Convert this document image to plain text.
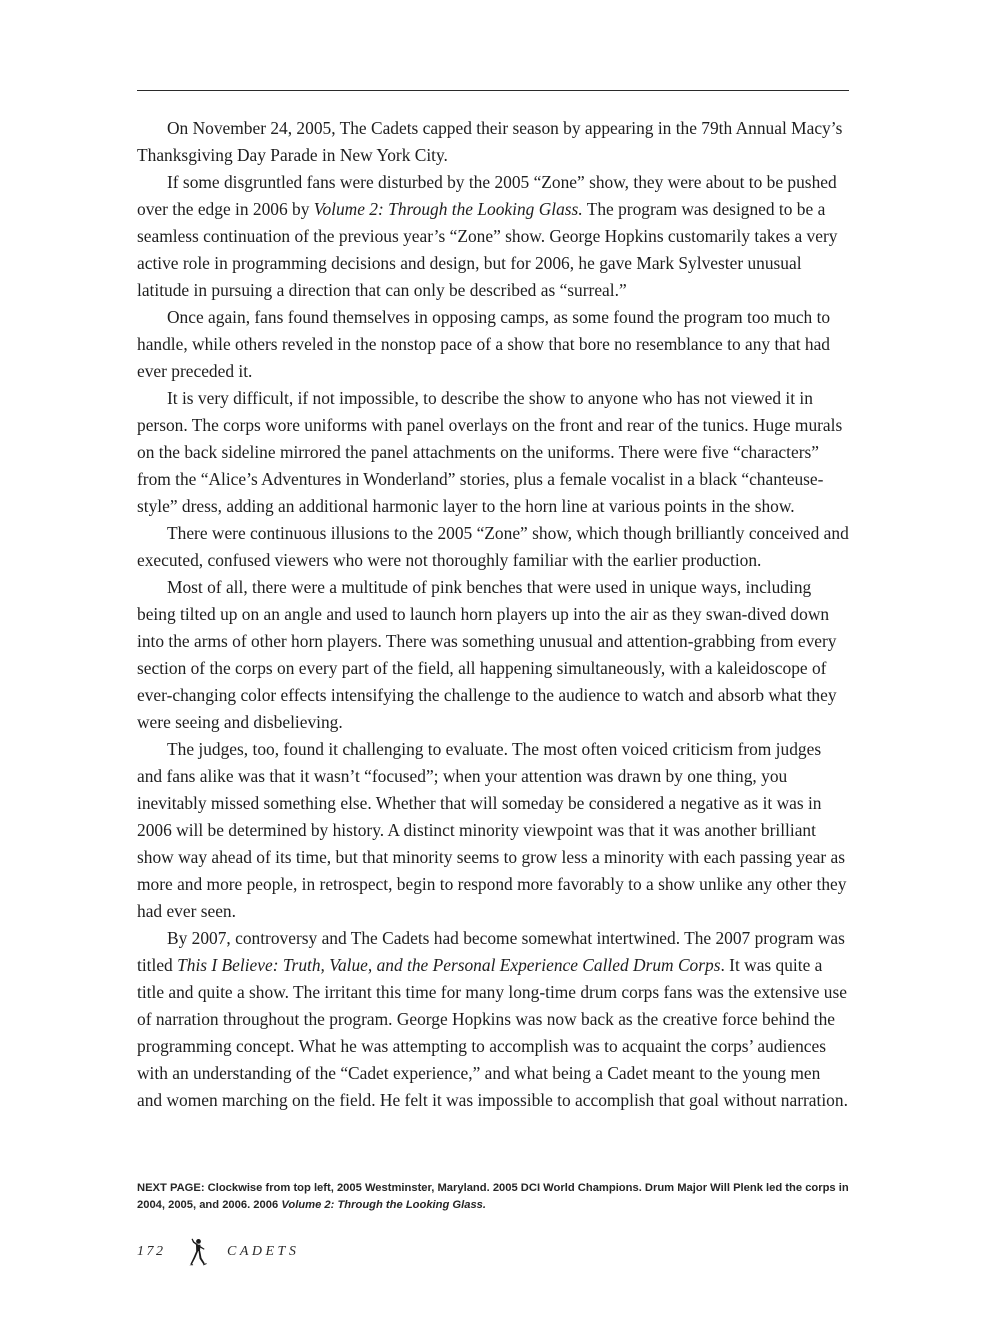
On November 24, 2005, The Cadets capped their season by appearing in the 79th Annual Macy’s Thanksgiving Day Parade in New York City.

If some disgruntled fans were disturbed by the 2005 “Zone” show, they were about to be pushed over the edge in 2006 by Volume 2: Through the Looking Glass. The program was designed to be a seamless continuation of the previous year’s “Zone” show. George Hopkins customarily takes a very active role in programming decisions and design, but for 2006, he gave Mark Sylvester unusual latitude in pursuing a direction that can only be described as “surreal.”

Once again, fans found themselves in opposing camps, as some found the program too much to handle, while others reveled in the nonstop pace of a show that bore no resemblance to any that had ever preceded it.

It is very difficult, if not impossible, to describe the show to anyone who has not viewed it in person. The corps wore uniforms with panel overlays on the front and rear of the tunics. Huge murals on the back sideline mirrored the panel attachments on the uniforms. There were five “characters” from the “Alice’s Adventures in Wonderland” stories, plus a female vocalist in a black “chanteuse-style” dress, adding an additional harmonic layer to the horn line at various points in the show.

There were continuous illusions to the 2005 “Zone” show, which though brilliantly conceived and executed, confused viewers who were not thoroughly familiar with the earlier production.

Most of all, there were a multitude of pink benches that were used in unique ways, including being tilted up on an angle and used to launch horn players up into the air as they swan-dived down into the arms of other horn players. There was something unusual and attention-grabbing from every section of the corps on every part of the field, all happening simultaneously, with a kaleidoscope of ever-changing color effects intensifying the challenge to the audience to watch and absorb what they were seeing and disbelieving.

The judges, too, found it challenging to evaluate. The most often voiced criticism from judges and fans alike was that it wasn’t “focused”; when your attention was drawn by one thing, you inevitably missed something else. Whether that will someday be considered a negative as it was in 2006 will be determined by history. A distinct minority viewpoint was that it was another brilliant show way ahead of its time, but that minority seems to grow less a minority with each passing year as more and more people, in retrospect, begin to respond more favorably to a show unlike any other they had ever seen.

By 2007, controversy and The Cadets had become somewhat intertwined. The 2007 program was titled This I Believe: Truth, Value, and the Personal Experience Called Drum Corps. It was quite a title and quite a show. The irritant this time for many long-time drum corps fans was the extensive use of narration throughout the program. George Hopkins was now back as the creative force behind the programming concept. What he was attempting to accomplish was to acquaint the corps’ audiences with an understanding of the “Cadet experience,” and what being a Cadet meant to the young men and women marching on the field. He felt it was impossible to accomplish that goal without narration.

NEXT PAGE: Clockwise from top left, 2005 Westminster, Maryland. 2005 DCI World Champions. Drum Major Will Plenk led the corps in 2004, 2005, and 2006. 2006 Volume 2: Through the Looking Glass.
172	CADETS
